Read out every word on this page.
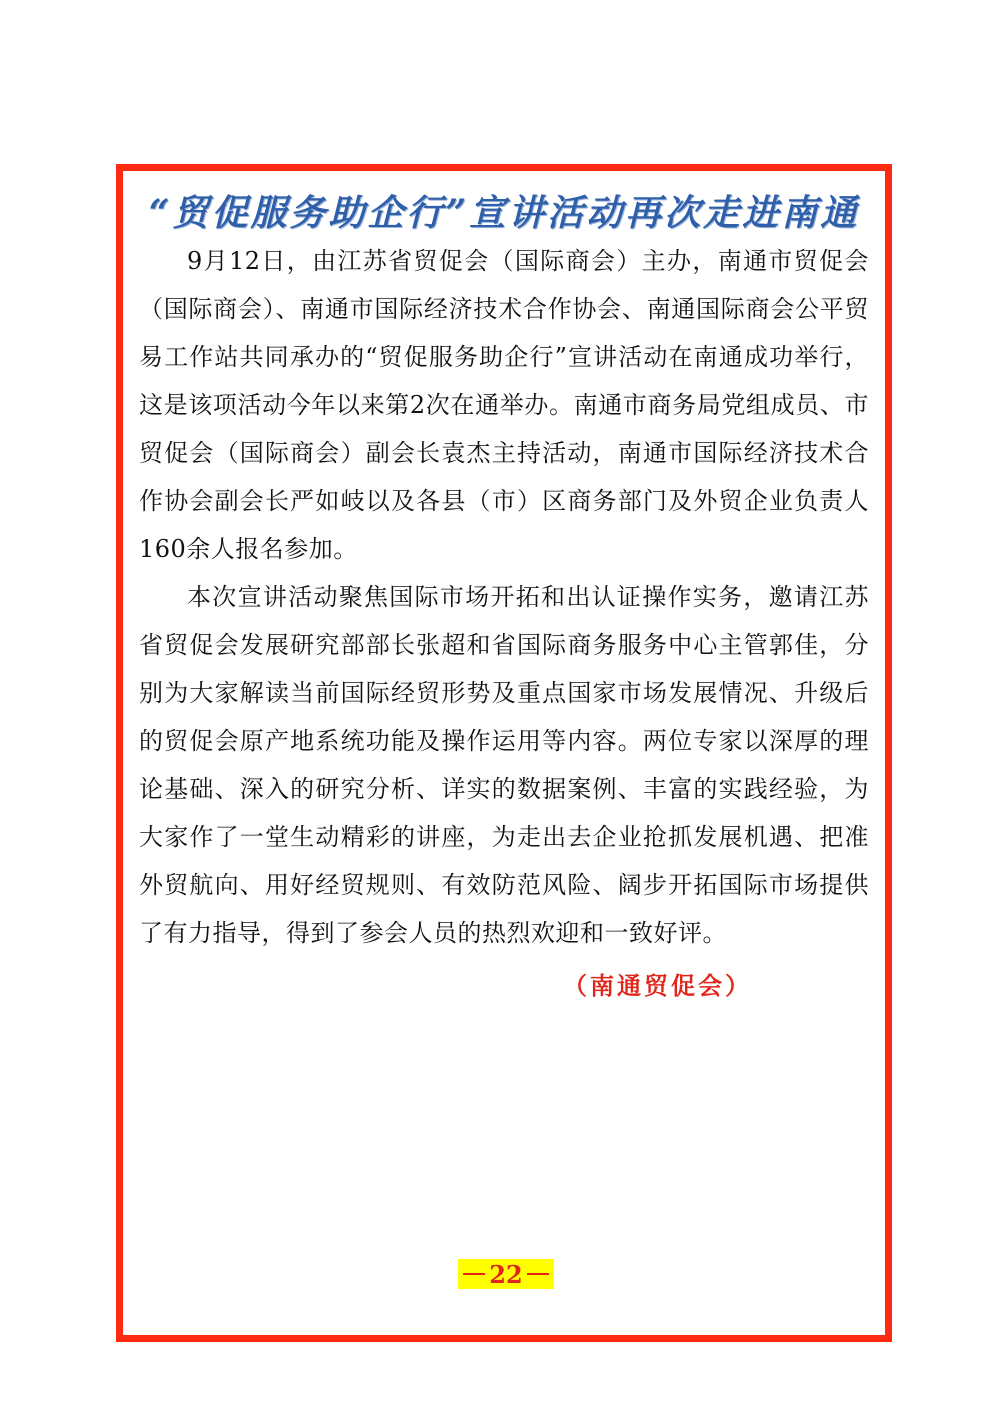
“贸促服务助企行”宣讲活动再次走进南通

9月12日，由江苏省贸促会（国际商会）主办，南通市贸促会（国际商会）、南通市国际经济技术合作协会、南通国际商会公平贸易工作站共同承办的“贸促服务助企行”宣讲活动在南通成功举行，这是该项活动今年以来第2次在通举办。南通市商务局党组成员、市贸促会（国际商会）副会长袁杰主持活动，南通市国际经济技术合作协会副会长严如岐以及各县（市）区商务部门及外贸企业负责人160余人报名参加。

本次宣讲活动聚焦国际市场开拓和出认证操作实务，邀请江苏省贸促会发展研究部部长张超和省国际商务服务中心主管郭佳，分别为大家解读当前国际经贸形势及重点国家市场发展情况、升级后的贸促会原产地系统功能及操作运用等内容。两位专家以深厚的理论基础、深入的研究分析、详实的数据案例、丰富的实践经验，为大家作了一堂生动精彩的讲座，为走出去企业抢抓发展机遇、把准外贸航向、用好经贸规则、有效防范风险、阔步开拓国际市场提供了有力指导，得到了参会人员的热烈欢迎和一致好评。

（南通贸促会）
22
